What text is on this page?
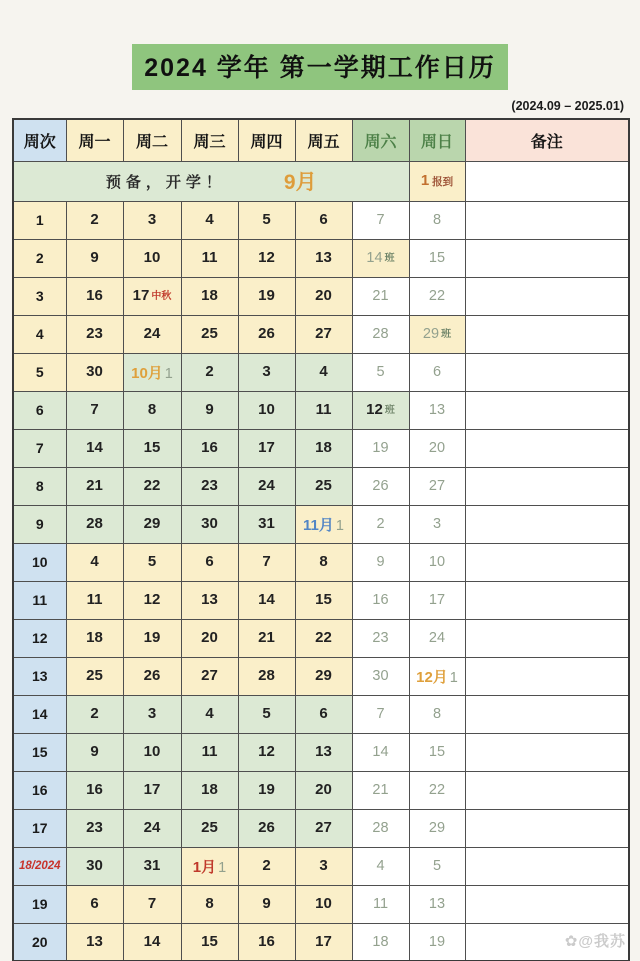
2024 学年 第一学期工作日历
(2024.09 – 2025.01)
周次	周一	周二	周三	周四	周五	周六	周日	备注

预备，开学！ 9月							1 报到	
1	2	3	4	5	6	7	8	
2	9	10	11	12	13	14 班	15	
3	16	17 中秋	18	19	20	21	22	
4	23	24	25	26	27	28	29 班	
5	30	10月 1	2	3	4	5	6	
6	7	8	9	10	11	12 班	13	
7	14	15	16	17	18	19	20	
8	21	22	23	24	25	26	27	
9	28	29	30	31	11月 1	2	3	
10	4	5	6	7	8	9	10	
11	11	12	13	14	15	16	17	
12	18	19	20	21	22	23	24	
13	25	26	27	28	29	30	12月 1	
14	2	3	4	5	6	7	8	
15	9	10	11	12	13	14	15	
16	16	17	18	19	20	21	22	
17	23	24	25	26	27	28	29	
18/2024	30	31	1月 1	2	3	4	5	
19	6	7	8	9	10	11	13	
20	13	14	15	16	17	18	19		✿@我苏
